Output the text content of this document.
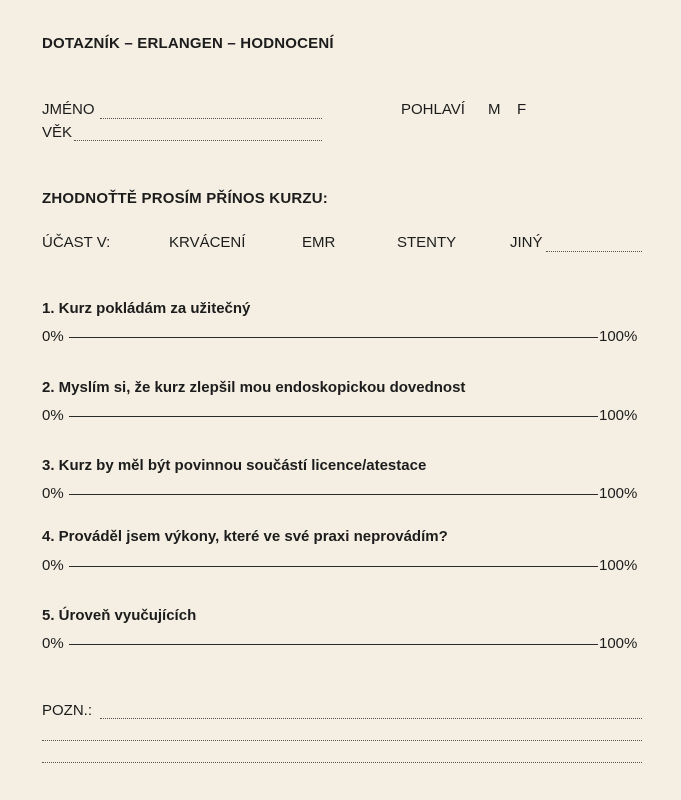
DOTAZNÍK – ERLANGEN – HODNOCENÍ
JMÉNO	POHLAVÍ M F
VĚK
ZHODNOŤTĚ PROSÍM PŘÍNOS KURZU:
ÚČAST V:	KRVÁCENÍ	EMR	STENTY	JINÝ
1. Kurz pokládám za užitečný
0%	100%
2. Myslím si, že kurz zlepšil mou endoskopickou dovednost
0%	100%
3. Kurz by měl být povinnou součástí licence/atestace
0%	100%
4. Prováděl jsem výkony, které ve své praxi neprovádím?
0%	100%
5. Úroveň vyučujících
0%	100%
POZN.:
